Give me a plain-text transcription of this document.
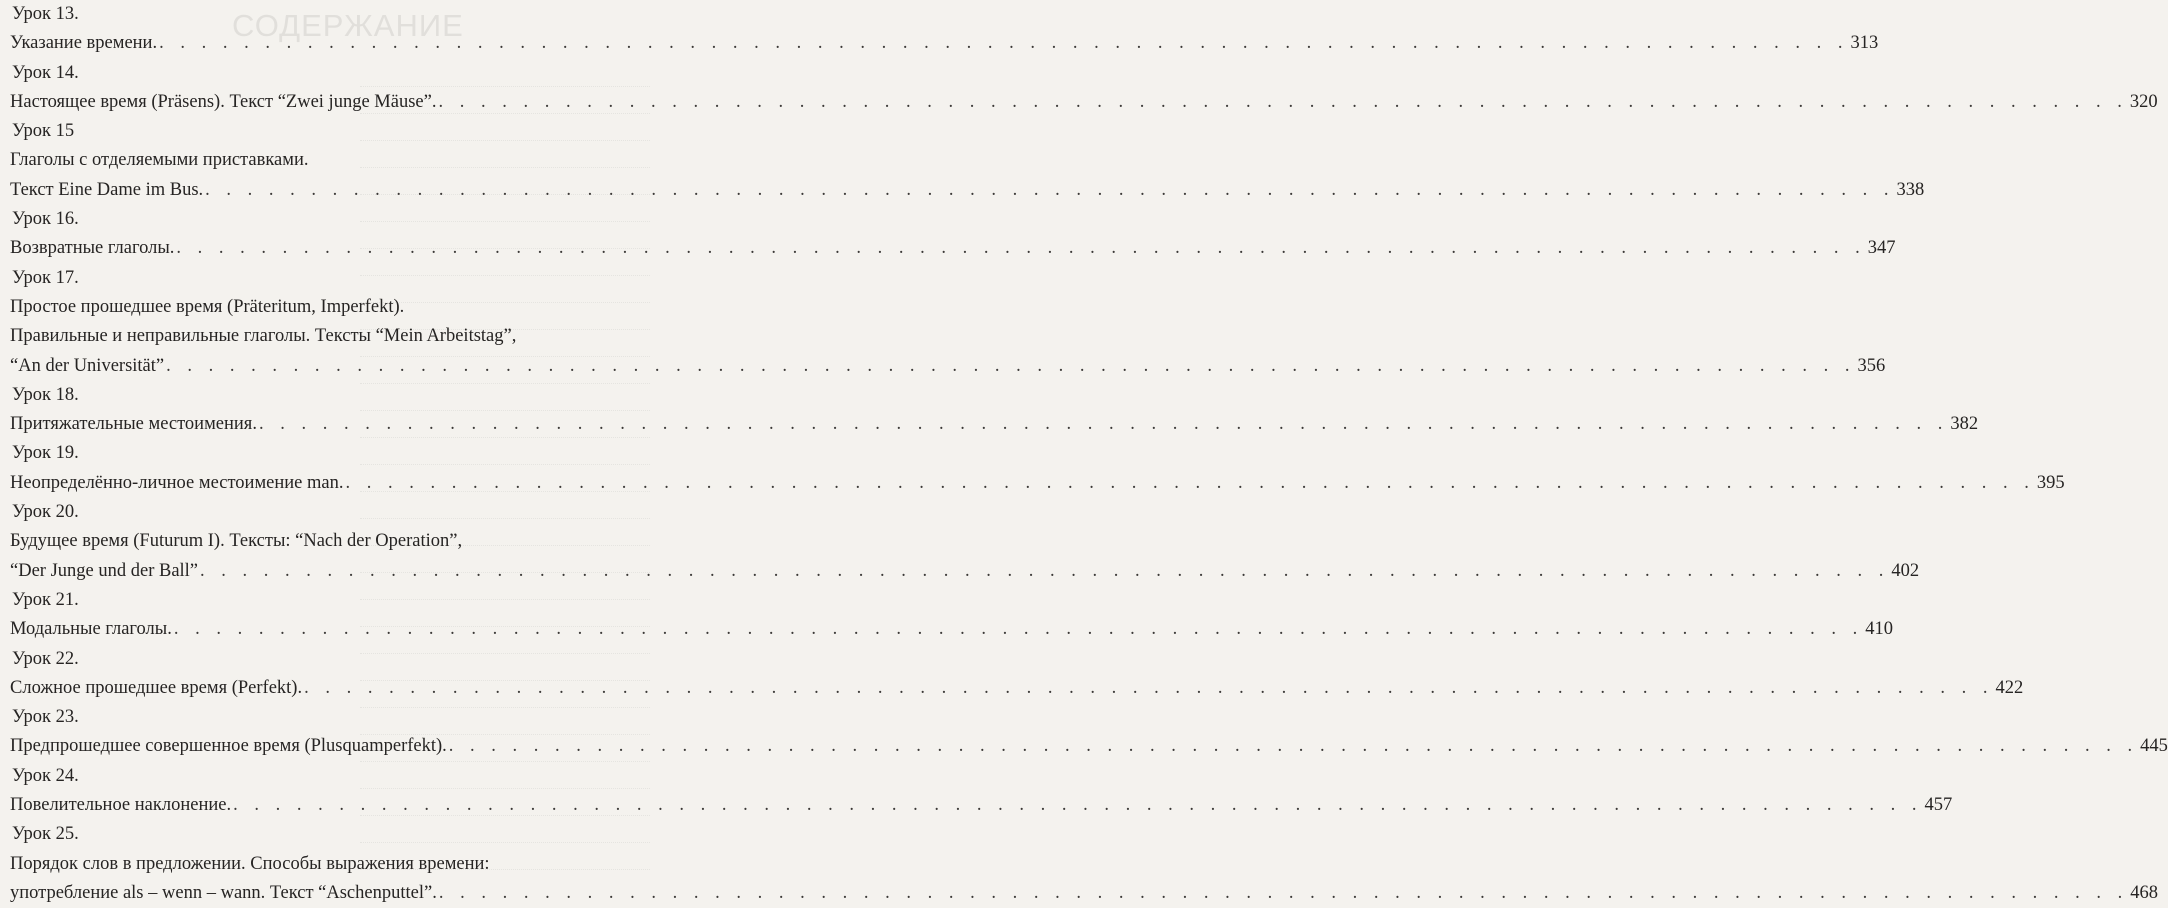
СОДЕРЖАНИЕ
Урок 13.
Указание времени. . . . . . . . . . . . . . . . . . . . . . . . . . . . . . . . . . . . . . . . . . . . . . . . . . . . . . . . . . . . . . . . . . . . . . . . . . . . . . . . . 313
Урок 14.
Настоящее время (Präsens). Текст “Zwei junge Mäuse”. . . . . . . . . . . . . . . . . . . . . . . . . . . . . . . . . . . . . . . . . . . . . . . . . . . . . . . . . . . . . . . . . . . . . . . . . . . . . . . . . 320
Урок 15
Глаголы с отделяемыми приставками.
Текст Eine Dame im Bus. . . . . . . . . . . . . . . . . . . . . . . . . . . . . . . . . . . . . . . . . . . . . . . . . . . . . . . . . . . . . . . . . . . . . . . . . . . . . . . . . 338
Урок 16.
Возвратные глаголы. . . . . . . . . . . . . . . . . . . . . . . . . . . . . . . . . . . . . . . . . . . . . . . . . . . . . . . . . . . . . . . . . . . . . . . . . . . . . . . . . 347
Урок 17.
Простое прошедшее время (Präteritum, Imperfekt).
Правильные и неправильные глаголы. Тексты “Mein Arbeitstag”,
“An der Universität” . . . . . . . . . . . . . . . . . . . . . . . . . . . . . . . . . . . . . . . . . . . . . . . . . . . . . . . . . . . . . . . . . . . . . . . . . . . . . . . . 356
Урок 18.
Притяжательные местоимения. . . . . . . . . . . . . . . . . . . . . . . . . . . . . . . . . . . . . . . . . . . . . . . . . . . . . . . . . . . . . . . . . . . . . . . . . . . . . . . . . 382
Урок 19.
Неопределённо-личное местоимение man. . . . . . . . . . . . . . . . . . . . . . . . . . . . . . . . . . . . . . . . . . . . . . . . . . . . . . . . . . . . . . . . . . . . . . . . . . . . . . . . . 395
Урок 20.
Будущее время (Futurum I). Тексты: “Nach der Operation”,
“Der Junge und der Ball” . . . . . . . . . . . . . . . . . . . . . . . . . . . . . . . . . . . . . . . . . . . . . . . . . . . . . . . . . . . . . . . . . . . . . . . . . . . . . . . . 402
Урок 21.
Модальные глаголы. . . . . . . . . . . . . . . . . . . . . . . . . . . . . . . . . . . . . . . . . . . . . . . . . . . . . . . . . . . . . . . . . . . . . . . . . . . . . . . . . 410
Урок 22.
Сложное прошедшее время (Perfekt). . . . . . . . . . . . . . . . . . . . . . . . . . . . . . . . . . . . . . . . . . . . . . . . . . . . . . . . . . . . . . . . . . . . . . . . . . . . . . . . . 422
Урок 23.
Предпрошедшее совершенное время (Plusquamperfekt). . . . . . . . . . . . . . . . . . . . . . . . . . . . . . . . . . . . . . . . . . . . . . . . . . . . . . . . . . . . . . . . . . . . . . . . . . . . . . . . . 445
Урок 24.
Повелительное наклонение. . . . . . . . . . . . . . . . . . . . . . . . . . . . . . . . . . . . . . . . . . . . . . . . . . . . . . . . . . . . . . . . . . . . . . . . . . . . . . . . . 457
Урок 25.
Порядок слов в предложении. Способы выражения времени:
употребление als – wenn – wann. Текст “Aschenputtel”. . . . . . . . . . . . . . . . . . . . . . . . . . . . . . . . . . . . . . . . . . . . . . . . . . . . . . . . . . . . . . . . . . . . . . . . . . . . . . . . . 468
